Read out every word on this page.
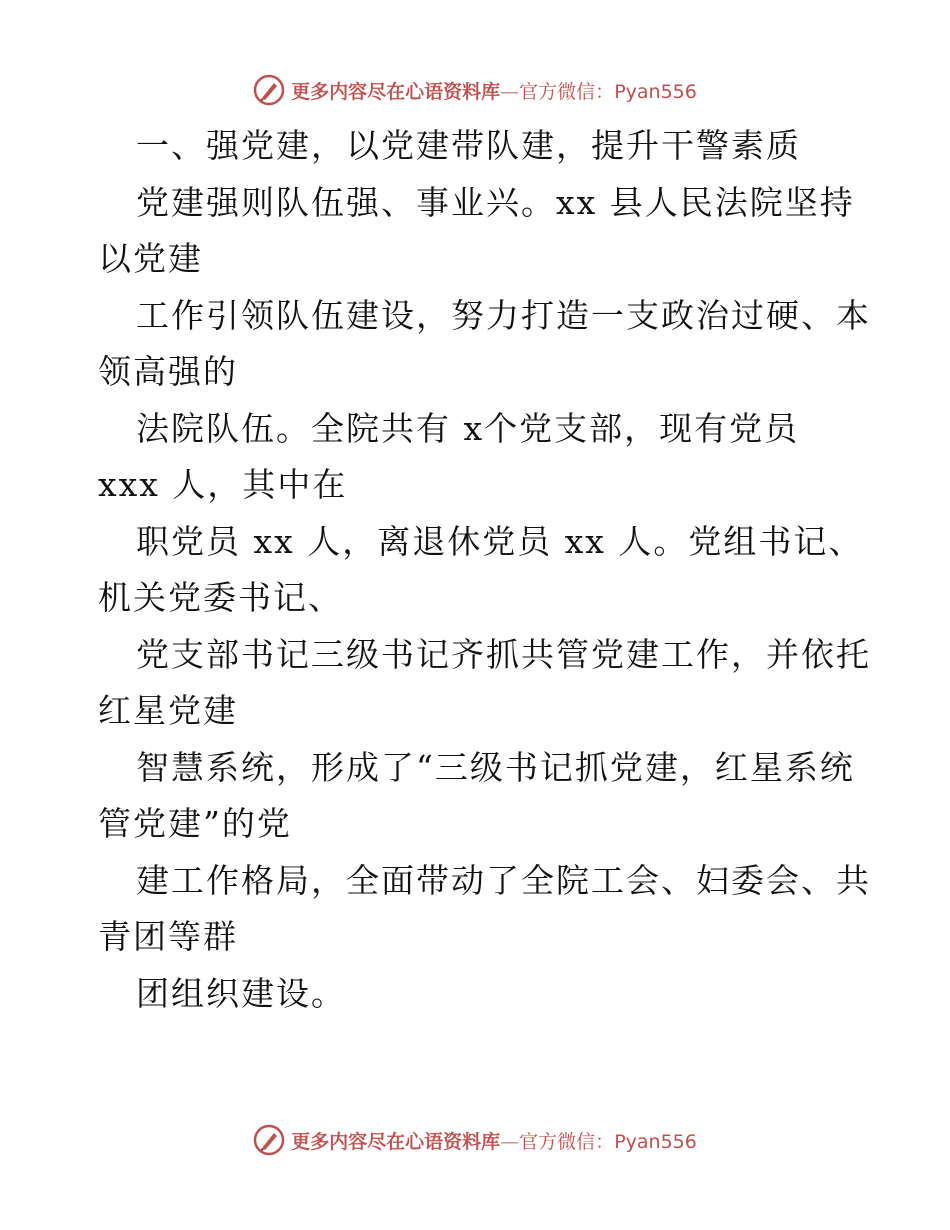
更多内容尽在心语资料库—官方微信：Pyan556
一、强党建，以党建带队建，提升干警素质
党建强则队伍强、事业兴。xx 县人民法院坚持
以党建
工作引领队伍建设，努力打造一支政治过硬、本
领高强的
法院队伍。全院共有 x个党支部，现有党员
xxx 人，其中在
职党员 xx 人，离退休党员 xx 人。党组书记、
机关党委书记、
党支部书记三级书记齐抓共管党建工作，并依托
红星党建
智慧系统，形成了“三级书记抓党建，红星系统
管党建”的党
建工作格局，全面带动了全院工会、妇委会、共
青团等群
团组织建设。
更多内容尽在心语资料库—官方微信：Pyan556
